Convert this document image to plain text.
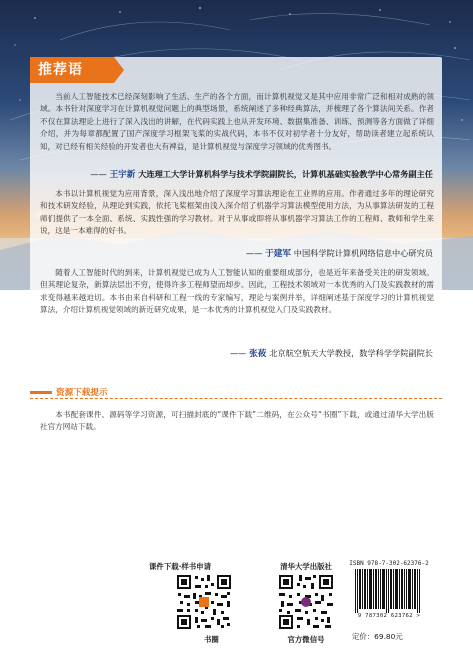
推荐语

当前人工智能技术已经深刻影响了生活、生产的各个方面，而计算机视觉又是其中应用非常广泛和相对成熟的领域。本书针对深度学习在计算机视觉问题上的典型场景，系统阐述了多种经典算法，并梳理了各个算法间关系。作者不仅在算法理论上进行了深入浅出的讲解，在代码实践上也从开发环境、数据集准备、训练、预测等各方面做了详细介绍，并为每章都配置了国产深度学习框架飞桨的实战代码，本书不仅对初学者十分友好，帮助读者建立起系统认知，对已经有相关经验的开发者也大有裨益，是计算机视觉与深度学习领域的优秀图书。

—— 王宇新 大连理工大学计算机科学与技术学院副院长，计算机基础实验教学中心常务副主任

本书以计算机视觉为应用背景，深入浅出地介绍了深度学习算法理论在工业界的应用。作者通过多年的理论研究和技术研发经验，从理论到实践，依托飞桨框架由浅入深介绍了机器学习算法模型使用方法，为从事算法研发的工程师们提供了一本全面、系统、实践性强的学习教材。对于从事或即将从事机器学习算法工作的工程师、教师和学生来说，这是一本难得的好书。

—— 于建军 中国科学院计算机网络信息中心研究员

随着人工智能时代的到来，计算机视觉已成为人工智能认知的重要组成部分，也是近年来备受关注的研发领域。但其理论复杂，新算法层出不穷，使得许多工程师望而却步。因此，工程技术领域对一本优秀的入门及实践教材的需求变得越来越迫切。本书由来自科研和工程一线的专家编写，理论与案例并举，详细阐述基于深度学习的计算机视觉算法，介绍计算机视觉领域的新近研究成果，是一本优秀的计算机视觉入门及实践教材。

—— 张莜 北京航空航天大学教授，数学科学学院副院长
资源下载提示

本书配套课件、源码等学习资源，可扫描封底的“课件下载”二维码，在公众号“书圈”下载，或通过清华大学出版社官方网站下载。

课件下载·样书申请
书圈
清华大学出版社
官方微信号
ISBN 978-7-302-62376-2
9 787302 623762 >
定价：69.80元
